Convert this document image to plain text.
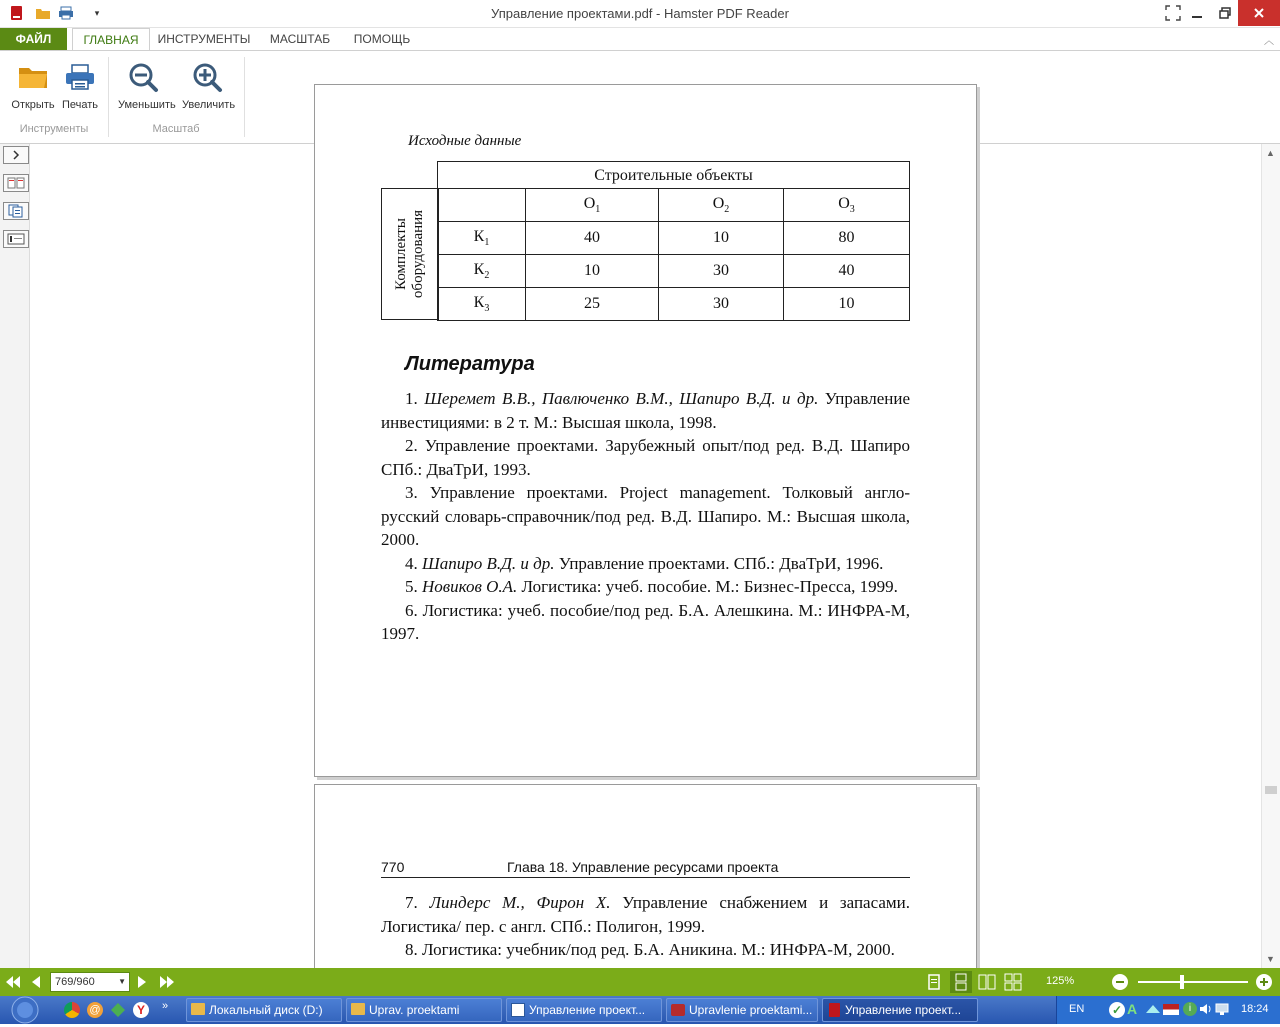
▾	Управление проектами.pdf - Hamster PDF Reader
ФАЙЛ	ГЛАВНАЯ	ИНСТРУМЕНТЫ	МАСШТАБ	ПОМОЩЬ	︿
Открыть Печать	Уменьшить Увеличить
Инструменты	Масштаб
Исходные данные
Строительные объекты
Комплекты оборудования
	$O_1$	$O_2$	$O_3$
$К_1$	40	10	80
$К_2$	10	30	40
$К_3$	25	30	10
Литература

1. Шеремет В.В., Павлюченко В.М., Шапиро В.Д. и др. Управление инвестициями: в 2 т. М.: Высшая школа, 1998.

2. Управление проектами. Зарубежный опыт/под ред. В.Д. Шапиро СПб.: ДваТрИ, 1993.

3. Управление проектами. Project management. Толковый англо-русский словарь-справочник/под ред. В.Д. Шапиро. М.: Высшая школа, 2000.

4. Шапиро В.Д. и др. Управление проектами. СПб.: ДваТрИ, 1996.

5. Новиков О.А. Логистика: учеб. пособие. М.: Бизнес-Пресса, 1999.

6. Логистика: учеб. пособие/под ред. Б.А. Алешкина. М.: ИНФРА-М, 1997.

770	Глава 18. Управление ресурсами проекта

7. Линдерс М., Фирон Х. Управление снабжением и запасами. Логистика/ пер. с англ. СПб.: Полигон, 1999.

8. Логистика: учебник/под ред. Б.А. Аникина. М.: ИНФРА-М, 2000.

▲
▼
769/960	▼	125%
@	Y	»	Локальный диск (D:)	Uprav. proektami	Управление проект...	Upravlenie proektami...	Управление проект...	EN ✓ A	i	18:24
